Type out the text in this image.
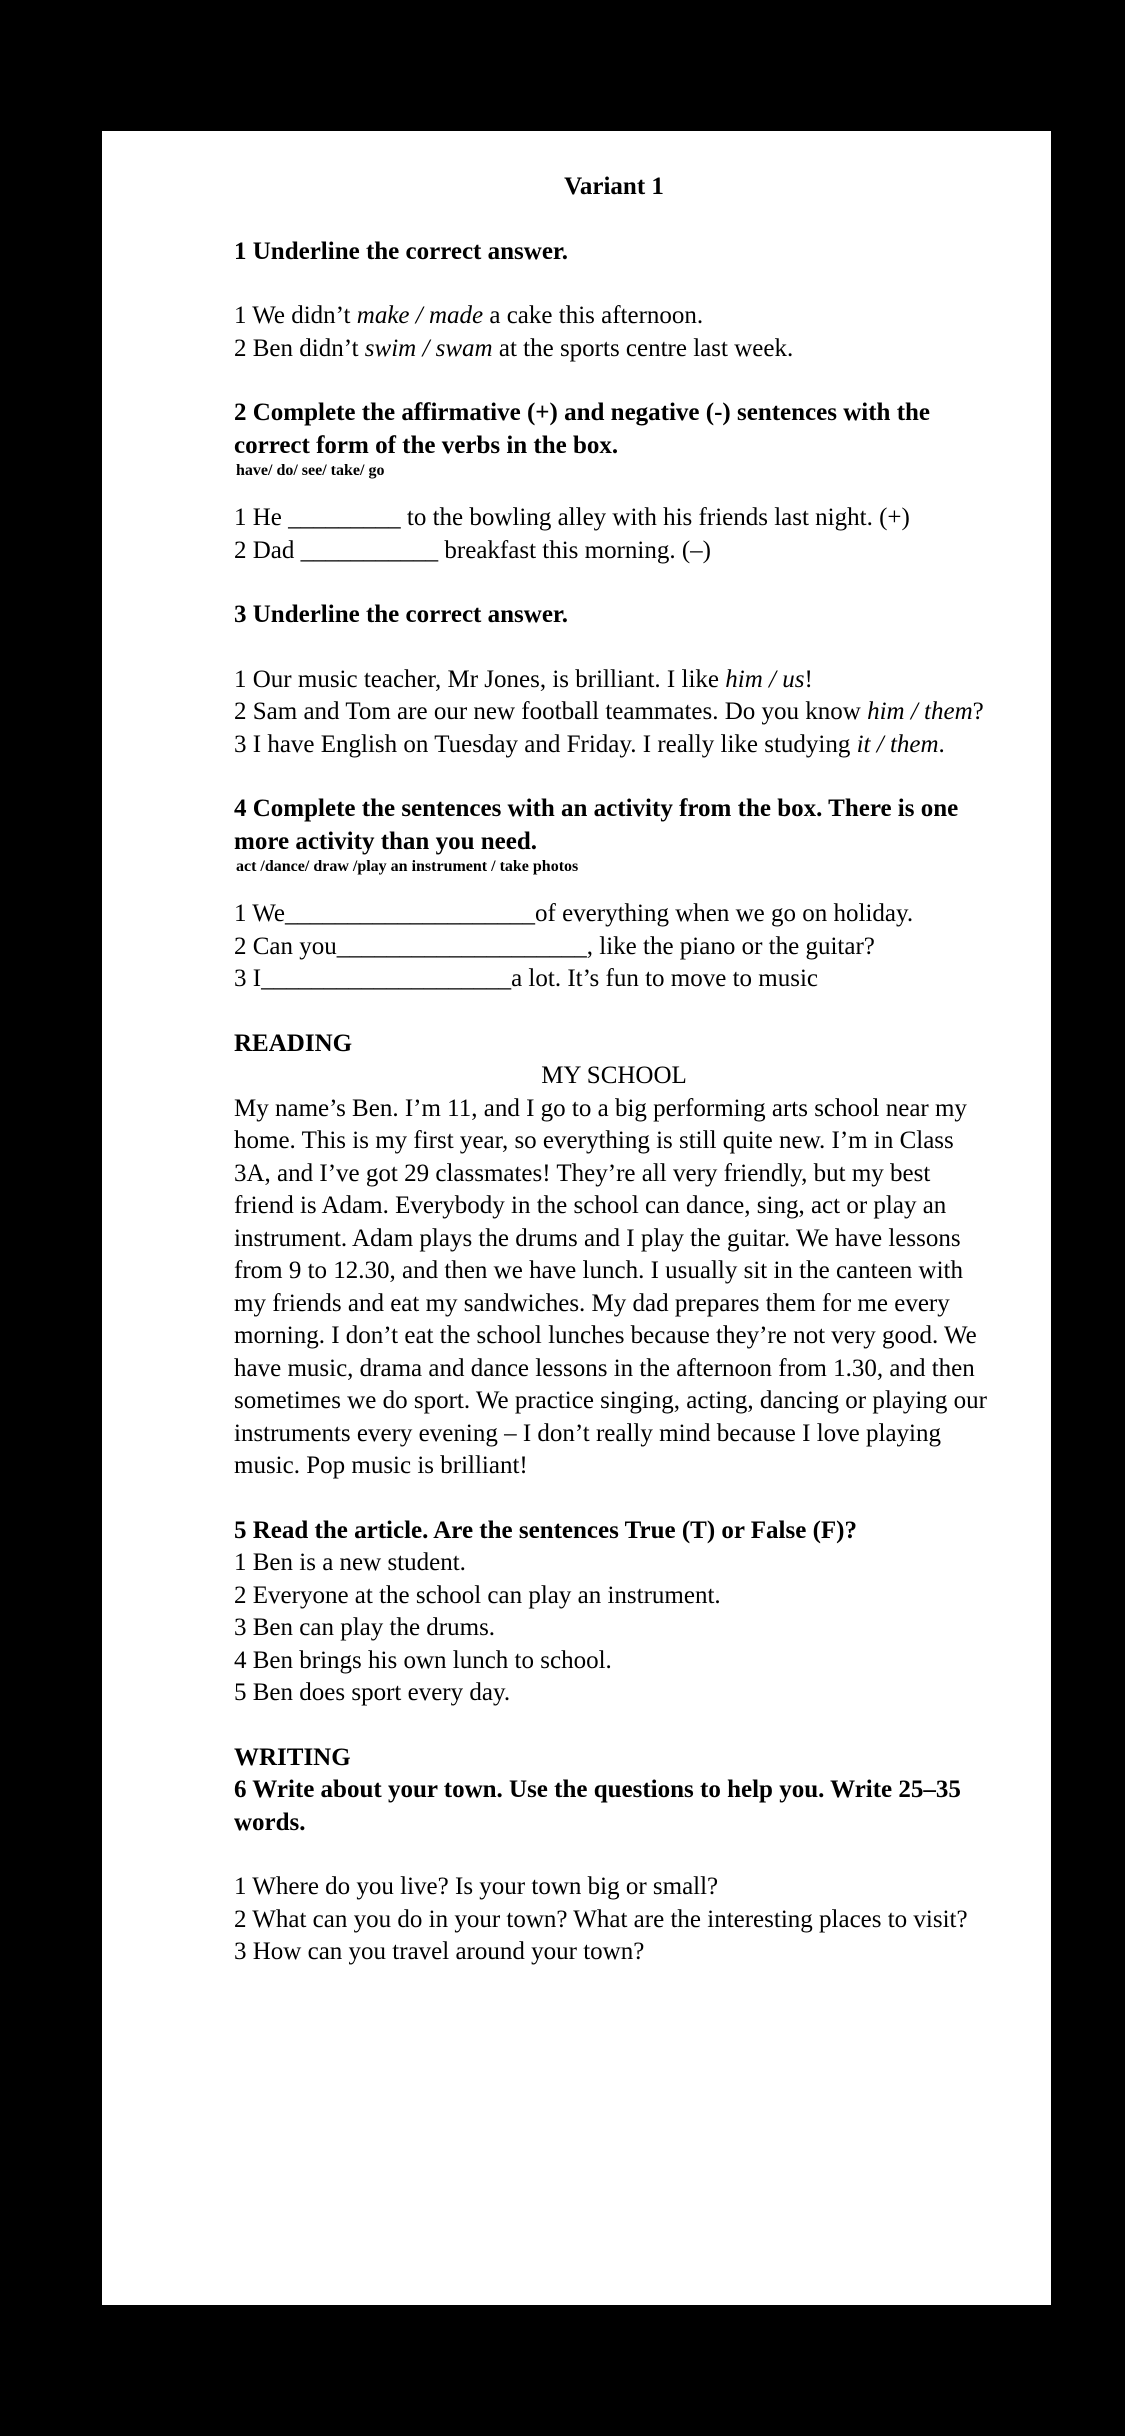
Variant 1

1 Underline the correct answer.

1 We didn’t make / made a cake this afternoon.

2 Ben didn’t swim / swam at the sports centre last week.

2 Complete the affirmative (+) and negative (-) sentences with the correct form of the verbs in the box.

have/ do/ see/ take/ go

1 He _________ to the bowling alley with his friends last night. (+)

2 Dad ___________ breakfast this morning. (–)

3 Underline the correct answer.

1 Our music teacher, Mr Jones, is brilliant. I like him / us!

2 Sam and Tom are our new football teammates. Do you know him / them?

3 I have English on Tuesday and Friday. I really like studying it / them.

4 Complete the sentences with an activity from the box. There is one more activity than you need.

act /dance/ draw /play an instrument / take photos

1 We____________________of everything when we go on holiday.

2 Can you____________________, like the piano or the guitar?

3 I____________________a lot. It’s fun to move to music

READING

MY SCHOOL

My name’s Ben. I’m 11, and I go to a big performing arts school near my home. This is my first year, so everything is still quite new. I’m in Class 3A, and I’ve got 29 classmates! They’re all very friendly, but my best friend is Adam. Everybody in the school can dance, sing, act or play an instrument. Adam plays the drums and I play the guitar. We have lessons from 9 to 12.30, and then we have lunch. I usually sit in the canteen with my friends and eat my sandwiches. My dad prepares them for me every morning. I don’t eat the school lunches because they’re not very good. We have music, drama and dance lessons in the afternoon from 1.30, and then sometimes we do sport. We practice singing, acting, dancing or playing our instruments every evening – I don’t really mind because I love playing music. Pop music is brilliant!

5 Read the article. Are the sentences True (T) or False (F)?

1 Ben is a new student.

2 Everyone at the school can play an instrument.

3 Ben can play the drums.

4 Ben brings his own lunch to school.

5 Ben does sport every day.

WRITING

6 Write about your town. Use the questions to help you. Write 25–35 words.

1 Where do you live? Is your town big or small?

2 What can you do in your town? What are the interesting places to visit?

3 How can you travel around your town?
